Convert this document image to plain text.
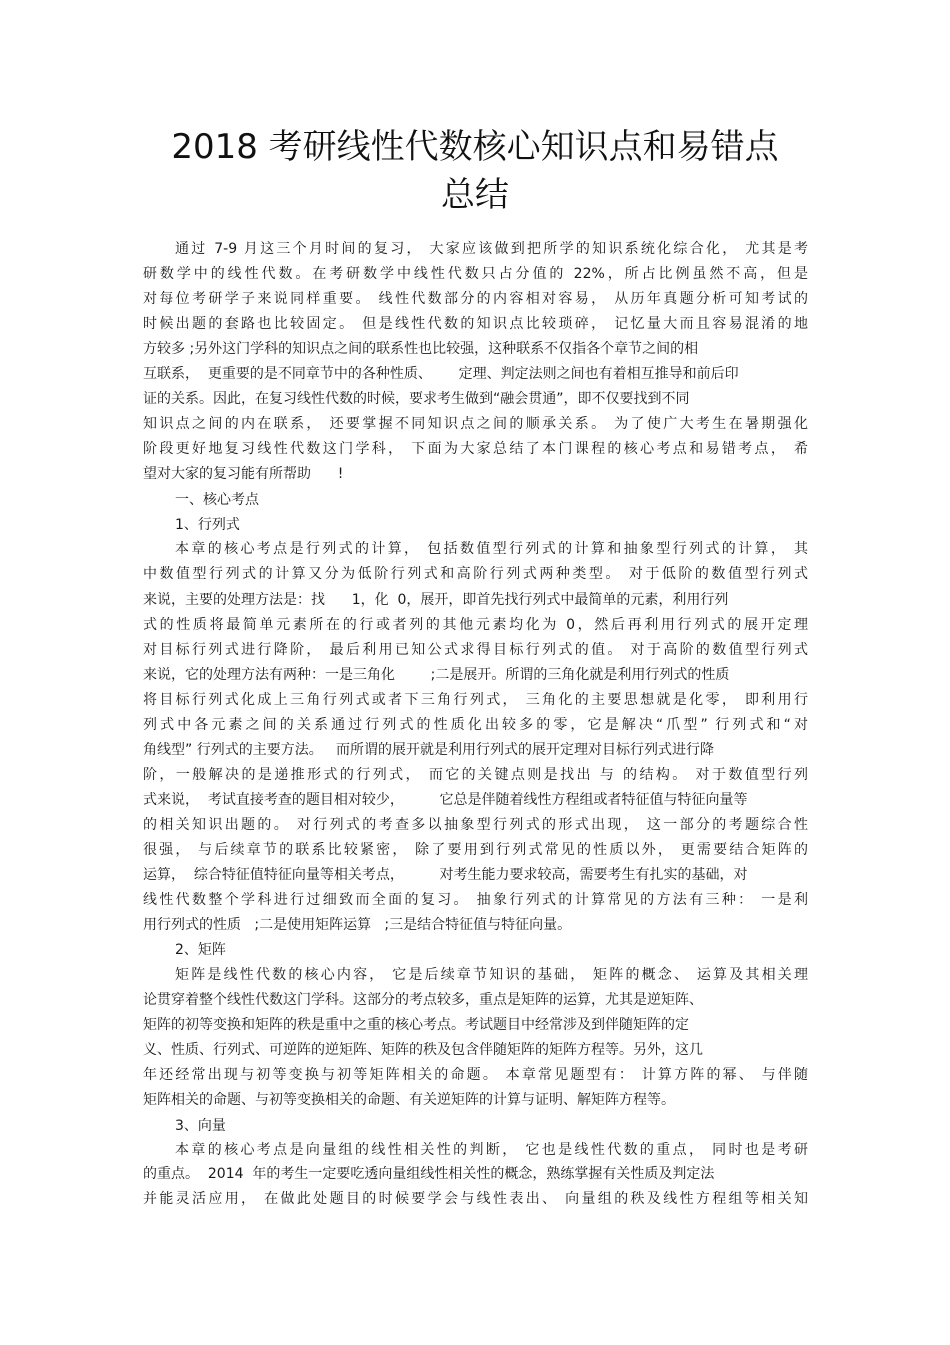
2018 考研线性代数核心知识点和易错点
总结
通过 7-9 月这三个月时间的复习， 大家应该做到把所学的知识系统化综合化， 尤其是考
研数学中的线性代数。在考研数学中线性代数只占分值的 22%，所占比例虽然不高，但是
对每位考研学子来说同样重要。 线性代数部分的内容相对容易， 从历年真题分析可知考试的
时候出题的套路也比较固定。 但是线性代数的知识点比较琐碎， 记忆量大而且容易混淆的地
方较多 ;另外这门学科的知识点之间的联系性也比较强，这种联系不仅指各个章节之间的相
互联系，  更重要的是不同章节中的各种性质、      定理、判定法则之间也有着相互推导和前后印
证的关系。因此，在复习线性代数的时候，要求考生做到“融会贯通”，即不仅要找到不同
知识点之间的内在联系， 还要掌握不同知识点之间的顺承关系。 为了使广大考生在暑期强化
阶段更好地复习线性代数这门学科， 下面为大家总结了本门课程的核心考点和易错考点， 希
望对大家的复习能有所帮助      !
一、核心考点
1、行列式
本章的核心考点是行列式的计算， 包括数值型行列式的计算和抽象型行列式的计算， 其
中数值型行列式的计算又分为低阶行列式和高阶行列式两种类型。 对于低阶的数值型行列式
来说，主要的处理方法是：找      1，化  0，展开，即首先找行列式中最简单的元素，利用行列
式的性质将最简单元素所在的行或者列的其他元素均化为 0，然后再利用行列式的展开定理
对目标行列式进行降阶， 最后利用已知公式求得目标行列式的值。 对于高阶的数值型行列式
来说，它的处理方法有两种：一是三角化        ;二是展开。所谓的三角化就是利用行列式的性质
将目标行列式化成上三角行列式或者下三角行列式， 三角化的主要思想就是化零， 即利用行
列式中各元素之间的关系通过行列式的性质化出较多的零，它是解决“爪型” 行列式和“对
角线型” 行列式的主要方法。   而所谓的展开就是利用行列式的展开定理对目标行列式进行降
阶，一般解决的是递推形式的行列式， 而它的关键点则是找出 与 的结构。 对于数值型行列
式来说，  考试直接考查的题目相对较少，        它总是伴随着线性方程组或者特征值与特征向量等
的相关知识出题的。 对行列式的考查多以抽象型行列式的形式出现， 这一部分的考题综合性
很强， 与后续章节的联系比较紧密， 除了要用到行列式常见的性质以外， 更需要结合矩阵的
运算，  综合特征值特征向量等相关考点，        对考生能力要求较高，需要考生有扎实的基础，对
线性代数整个学科进行过细致而全面的复习。 抽象行列式的计算常见的方法有三种： 一是利
用行列式的性质   ;二是使用矩阵运算   ;三是结合特征值与特征向量。
2、矩阵
矩阵是线性代数的核心内容， 它是后续章节知识的基础， 矩阵的概念、 运算及其相关理
论贯穿着整个线性代数这门学科。这部分的考点较多，重点是矩阵的运算，尤其是逆矩阵、
矩阵的初等变换和矩阵的秩是重中之重的核心考点。考试题目中经常涉及到伴随矩阵的定
义、性质、行列式、可逆阵的逆矩阵、矩阵的秩及包含伴随矩阵的矩阵方程等。另外，这几
年还经常出现与初等变换与初等矩阵相关的命题。 本章常见题型有： 计算方阵的幂、 与伴随
矩阵相关的命题、与初等变换相关的命题、有关逆矩阵的计算与证明、解矩阵方程等。
3、向量
本章的核心考点是向量组的线性相关性的判断， 它也是线性代数的重点， 同时也是考研
的重点。  2014  年的考生一定要吃透向量组线性相关性的概念，熟练掌握有关性质及判定法
并能灵活应用， 在做此处题目的时候要学会与线性表出、 向量组的秩及线性方程组等相关知
